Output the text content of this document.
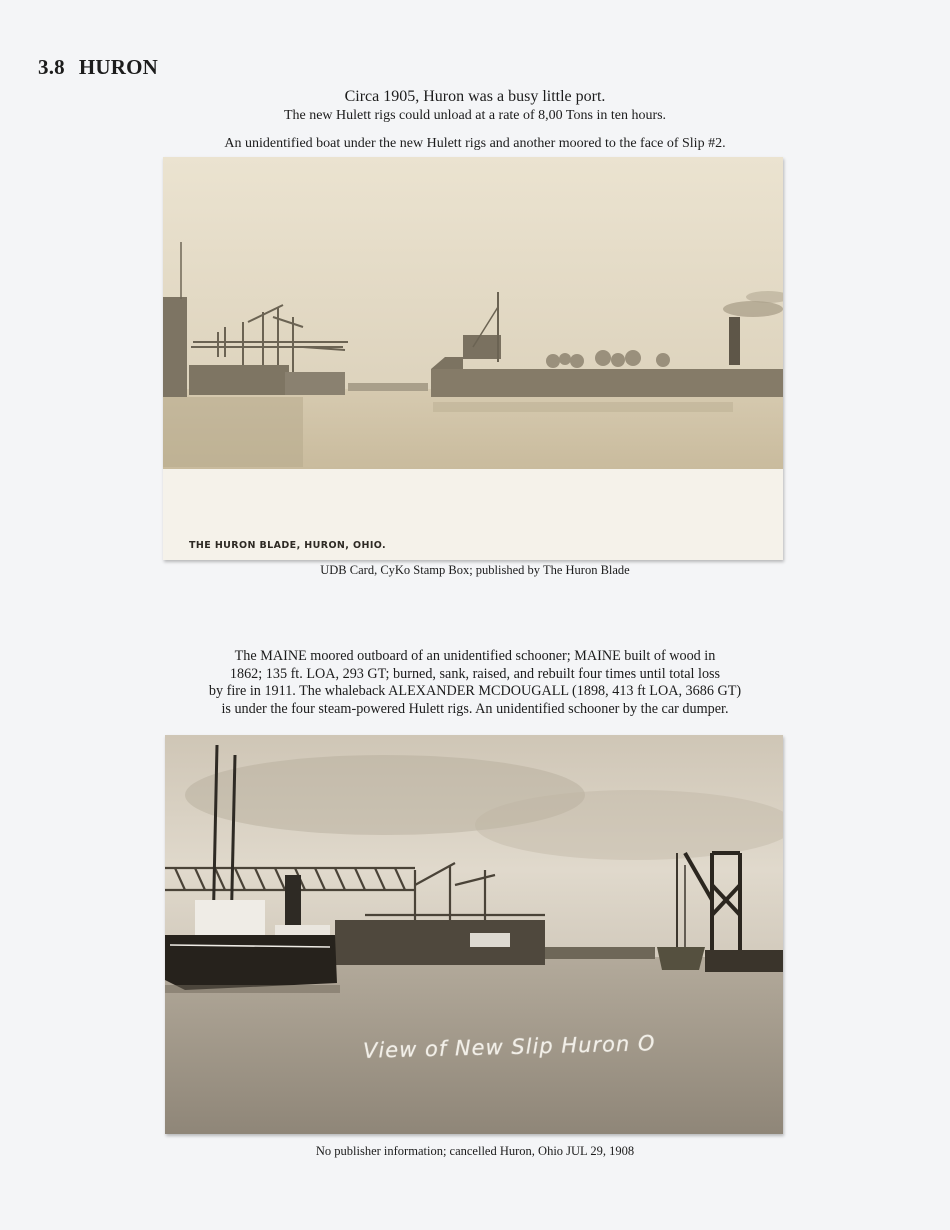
3.8 HURON
Circa 1905, Huron was a busy little port.
The new Hulett rigs could unload at a rate of 8,00 Tons in ten hours.
An unidentified boat under the new Hulett rigs and another moored to the face of Slip #2.
THE HURON BLADE, HURON, OHIO.
UDB Card, CyKo Stamp Box; published by The Huron Blade
The MAINE moored outboard of an unidentified schooner; MAINE built of wood in
1862; 135 ft. LOA, 293 GT; burned, sank, raised, and rebuilt four times until total loss
by fire in 1911. The whaleback ALEXANDER MCDOUGALL (1898, 413 ft LOA, 3686 GT)
is under the four steam-powered Hulett rigs. An unidentified schooner by the car dumper.
View of New Slip Huron O
No publisher information; cancelled Huron, Ohio JUL 29, 1908
